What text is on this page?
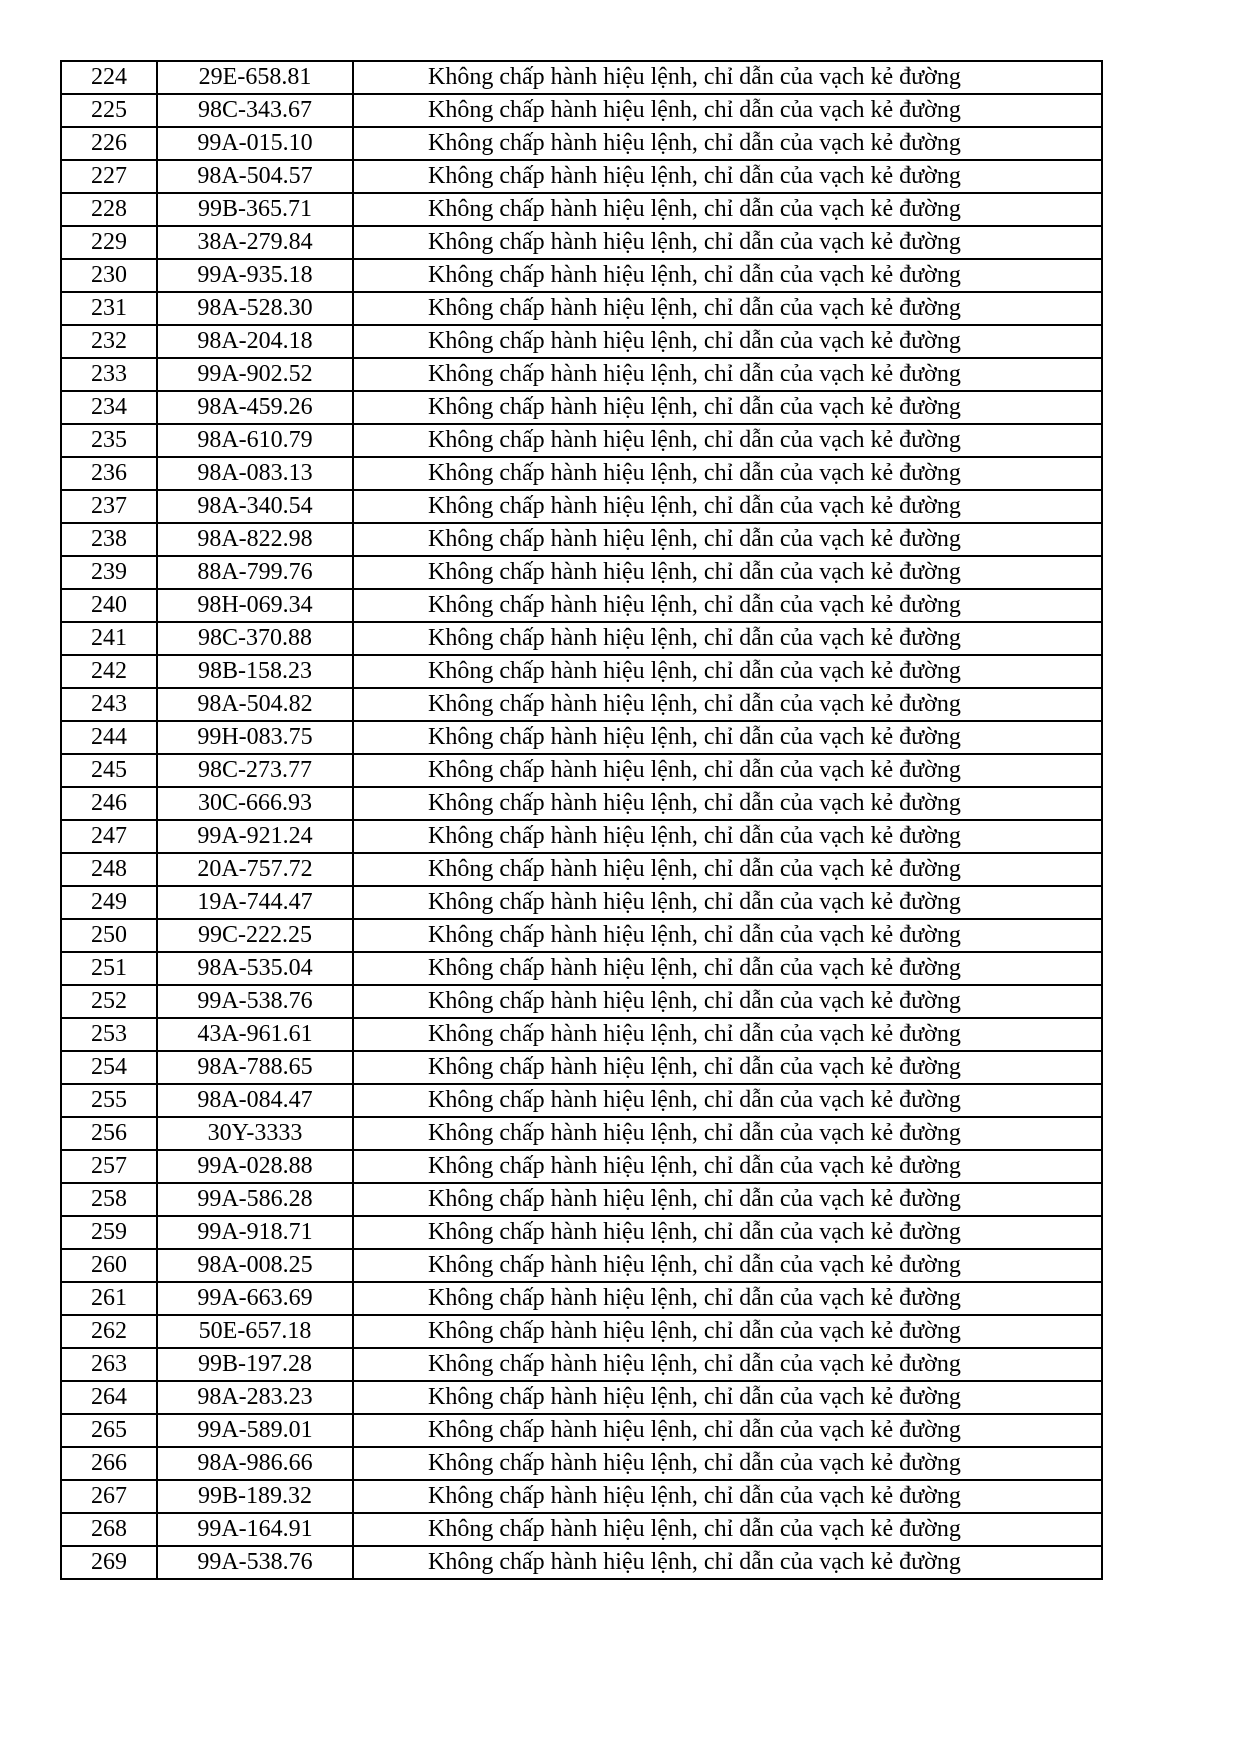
224	29E-658.81	Không chấp hành hiệu lệnh, chỉ dẫn của vạch kẻ đường
225	98C-343.67	Không chấp hành hiệu lệnh, chỉ dẫn của vạch kẻ đường
226	99A-015.10	Không chấp hành hiệu lệnh, chỉ dẫn của vạch kẻ đường
227	98A-504.57	Không chấp hành hiệu lệnh, chỉ dẫn của vạch kẻ đường
228	99B-365.71	Không chấp hành hiệu lệnh, chỉ dẫn của vạch kẻ đường
229	38A-279.84	Không chấp hành hiệu lệnh, chỉ dẫn của vạch kẻ đường
230	99A-935.18	Không chấp hành hiệu lệnh, chỉ dẫn của vạch kẻ đường
231	98A-528.30	Không chấp hành hiệu lệnh, chỉ dẫn của vạch kẻ đường
232	98A-204.18	Không chấp hành hiệu lệnh, chỉ dẫn của vạch kẻ đường
233	99A-902.52	Không chấp hành hiệu lệnh, chỉ dẫn của vạch kẻ đường
234	98A-459.26	Không chấp hành hiệu lệnh, chỉ dẫn của vạch kẻ đường
235	98A-610.79	Không chấp hành hiệu lệnh, chỉ dẫn của vạch kẻ đường
236	98A-083.13	Không chấp hành hiệu lệnh, chỉ dẫn của vạch kẻ đường
237	98A-340.54	Không chấp hành hiệu lệnh, chỉ dẫn của vạch kẻ đường
238	98A-822.98	Không chấp hành hiệu lệnh, chỉ dẫn của vạch kẻ đường
239	88A-799.76	Không chấp hành hiệu lệnh, chỉ dẫn của vạch kẻ đường
240	98H-069.34	Không chấp hành hiệu lệnh, chỉ dẫn của vạch kẻ đường
241	98C-370.88	Không chấp hành hiệu lệnh, chỉ dẫn của vạch kẻ đường
242	98B-158.23	Không chấp hành hiệu lệnh, chỉ dẫn của vạch kẻ đường
243	98A-504.82	Không chấp hành hiệu lệnh, chỉ dẫn của vạch kẻ đường
244	99H-083.75	Không chấp hành hiệu lệnh, chỉ dẫn của vạch kẻ đường
245	98C-273.77	Không chấp hành hiệu lệnh, chỉ dẫn của vạch kẻ đường
246	30C-666.93	Không chấp hành hiệu lệnh, chỉ dẫn của vạch kẻ đường
247	99A-921.24	Không chấp hành hiệu lệnh, chỉ dẫn của vạch kẻ đường
248	20A-757.72	Không chấp hành hiệu lệnh, chỉ dẫn của vạch kẻ đường
249	19A-744.47	Không chấp hành hiệu lệnh, chỉ dẫn của vạch kẻ đường
250	99C-222.25	Không chấp hành hiệu lệnh, chỉ dẫn của vạch kẻ đường
251	98A-535.04	Không chấp hành hiệu lệnh, chỉ dẫn của vạch kẻ đường
252	99A-538.76	Không chấp hành hiệu lệnh, chỉ dẫn của vạch kẻ đường
253	43A-961.61	Không chấp hành hiệu lệnh, chỉ dẫn của vạch kẻ đường
254	98A-788.65	Không chấp hành hiệu lệnh, chỉ dẫn của vạch kẻ đường
255	98A-084.47	Không chấp hành hiệu lệnh, chỉ dẫn của vạch kẻ đường
256	30Y-3333	Không chấp hành hiệu lệnh, chỉ dẫn của vạch kẻ đường
257	99A-028.88	Không chấp hành hiệu lệnh, chỉ dẫn của vạch kẻ đường
258	99A-586.28	Không chấp hành hiệu lệnh, chỉ dẫn của vạch kẻ đường
259	99A-918.71	Không chấp hành hiệu lệnh, chỉ dẫn của vạch kẻ đường
260	98A-008.25	Không chấp hành hiệu lệnh, chỉ dẫn của vạch kẻ đường
261	99A-663.69	Không chấp hành hiệu lệnh, chỉ dẫn của vạch kẻ đường
262	50E-657.18	Không chấp hành hiệu lệnh, chỉ dẫn của vạch kẻ đường
263	99B-197.28	Không chấp hành hiệu lệnh, chỉ dẫn của vạch kẻ đường
264	98A-283.23	Không chấp hành hiệu lệnh, chỉ dẫn của vạch kẻ đường
265	99A-589.01	Không chấp hành hiệu lệnh, chỉ dẫn của vạch kẻ đường
266	98A-986.66	Không chấp hành hiệu lệnh, chỉ dẫn của vạch kẻ đường
267	99B-189.32	Không chấp hành hiệu lệnh, chỉ dẫn của vạch kẻ đường
268	99A-164.91	Không chấp hành hiệu lệnh, chỉ dẫn của vạch kẻ đường
269	99A-538.76	Không chấp hành hiệu lệnh, chỉ dẫn của vạch kẻ đường
